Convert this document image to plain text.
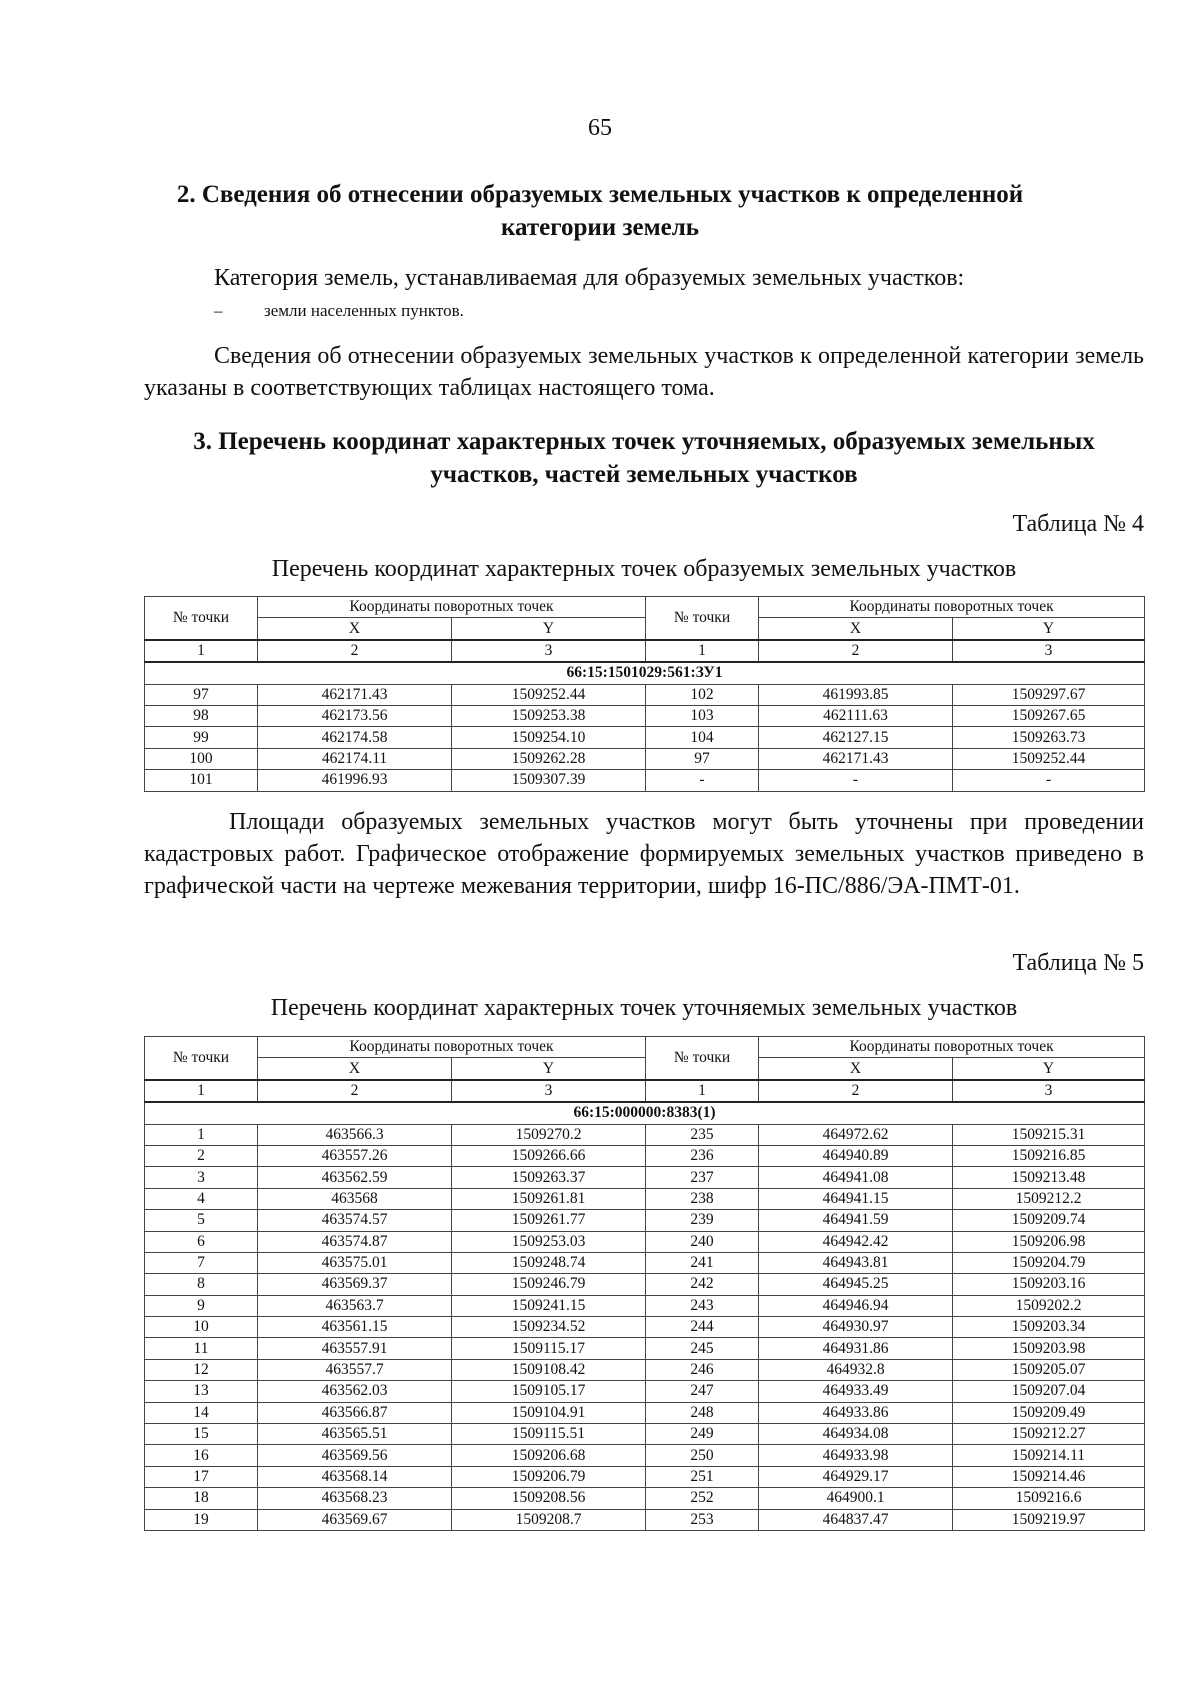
65
2. Сведения об отнесении образуемых земельных участков к определенной категории земель

Категория земель, устанавливаемая для образуемых земельных участков:

– земли населенных пунктов.

Сведения об отнесении образуемых земельных участков к определенной категории земель указаны в соответствующих таблицах настоящего тома.

3. Перечень координат характерных точек уточняемых, образуемых земельных участков, частей земельных участков
Таблица № 4
Перечень координат характерных точек образуемых земельных участков
№ точки	Координаты поворотных точек		№ точки	Координаты поворотных точек	
	X	Y		X	Y
1	2	3	1	2	3
66:15:1501029:561:ЗУ1					
97	462171.43	1509252.44	102	461993.85	1509297.67
98	462173.56	1509253.38	103	462111.63	1509267.65
99	462174.58	1509254.10	104	462127.15	1509263.73
100	462174.11	1509262.28	97	462171.43	1509252.44
101	461996.93	1509307.39	-	-	-

Площади образуемых земельных участков могут быть уточнены при проведении кадастровых работ. Графическое отображение формируемых земельных участков приведено в графической части на чертеже межевания территории, шифр 16-ПС/886/ЭА-ПМТ-01.

Таблица № 5
Перечень координат характерных точек уточняемых земельных участков
№ точки	Координаты поворотных точек		№ точки	Координаты поворотных точек	
	X	Y		X	Y
1	2	3	1	2	3
66:15:000000:8383(1)					
1	463566.3	1509270.2	235	464972.62	1509215.31
2	463557.26	1509266.66	236	464940.89	1509216.85
3	463562.59	1509263.37	237	464941.08	1509213.48
4	463568	1509261.81	238	464941.15	1509212.2
5	463574.57	1509261.77	239	464941.59	1509209.74
6	463574.87	1509253.03	240	464942.42	1509206.98
7	463575.01	1509248.74	241	464943.81	1509204.79
8	463569.37	1509246.79	242	464945.25	1509203.16
9	463563.7	1509241.15	243	464946.94	1509202.2
10	463561.15	1509234.52	244	464930.97	1509203.34
11	463557.91	1509115.17	245	464931.86	1509203.98
12	463557.7	1509108.42	246	464932.8	1509205.07
13	463562.03	1509105.17	247	464933.49	1509207.04
14	463566.87	1509104.91	248	464933.86	1509209.49
15	463565.51	1509115.51	249	464934.08	1509212.27
16	463569.56	1509206.68	250	464933.98	1509214.11
17	463568.14	1509206.79	251	464929.17	1509214.46
18	463568.23	1509208.56	252	464900.1	1509216.6
19	463569.67	1509208.7	253	464837.47	1509219.97
